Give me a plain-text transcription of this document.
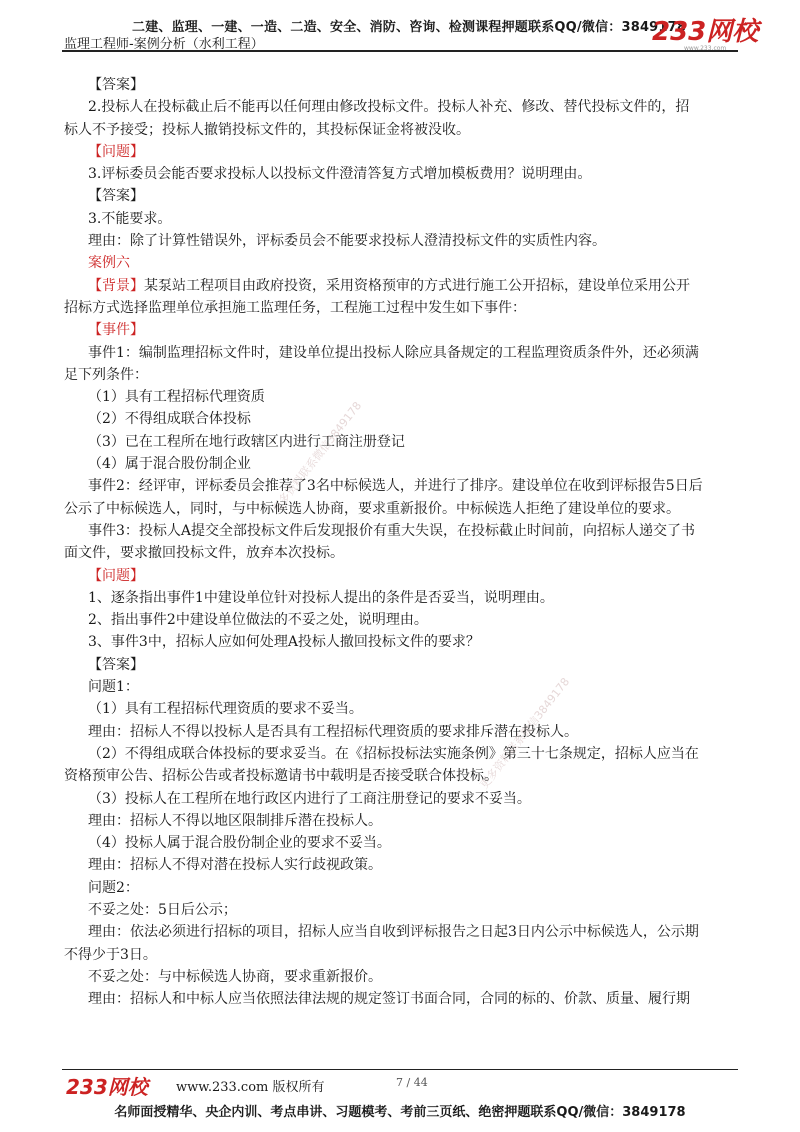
二建、监理、一建、一造、二造、安全、消防、咨询、检测课程押题联系QQ/微信：3849178
监理工程师-案例分析（水利工程）	233网校
www.233.com
更多资料联系微信3849178
更多资料联系微信3849178
【答案】
2.投标人在投标截止后不能再以任何理由修改投标文件。投标人补充、修改、替代投标文件的，招
标人不予接受；投标人撤销投标文件的，其投标保证金将被没收。
【问题】
3.评标委员会能否要求投标人以投标文件澄清答复方式增加模板费用？说明理由。
【答案】
3.不能要求。
理由：除了计算性错误外，评标委员会不能要求投标人澄清投标文件的实质性内容。
案例六
【背景】某泵站工程项目由政府投资，采用资格预审的方式进行施工公开招标，建设单位采用公开
招标方式选择监理单位承担施工监理任务，工程施工过程中发生如下事件：
【事件】
事件1：编制监理招标文件时，建设单位提出投标人除应具备规定的工程监理资质条件外，还必须满
足下列条件：
（1）具有工程招标代理资质
（2）不得组成联合体投标
（3）已在工程所在地行政辖区内进行工商注册登记
（4）属于混合股份制企业
事件2：经评审，评标委员会推荐了3名中标候选人，并进行了排序。建设单位在收到评标报告5日后
公示了中标候选人，同时，与中标候选人协商，要求重新报价。中标候选人拒绝了建设单位的要求。
事件3：投标人A提交全部投标文件后发现报价有重大失误，在投标截止时间前，向招标人递交了书
面文件，要求撤回投标文件，放弃本次投标。
【问题】
1、逐条指出事件1中建设单位针对投标人提出的条件是否妥当，说明理由。
2、指出事件2中建设单位做法的不妥之处，说明理由。
3、事件3中，招标人应如何处理A投标人撤回投标文件的要求？
【答案】
问题1：
（1）具有工程招标代理资质的要求不妥当。
理由：招标人不得以投标人是否具有工程招标代理资质的要求排斥潜在投标人。
（2）不得组成联合体投标的要求妥当。在《招标投标法实施条例》第三十七条规定，招标人应当在
资格预审公告、招标公告或者投标邀请书中载明是否接受联合体投标。
（3）投标人在工程所在地行政区内进行了工商注册登记的要求不妥当。
理由：招标人不得以地区限制排斥潜在投标人。
（4）投标人属于混合股份制企业的要求不妥当。
理由：招标人不得对潜在投标人实行歧视政策。
问题2：
不妥之处：5日后公示；
理由：依法必须进行招标的项目，招标人应当自收到评标报告之日起3日内公示中标候选人，公示期
不得少于3日。
不妥之处：与中标候选人协商，要求重新报价。
理由：招标人和中标人应当依照法律法规的规定签订书面合同，合同的标的、价款、质量、履行期
233网校 www.233.com 版权所有	7 / 44
名师面授精华、央企内训、考点串讲、习题模考、考前三页纸、绝密押题联系QQ/微信：3849178
